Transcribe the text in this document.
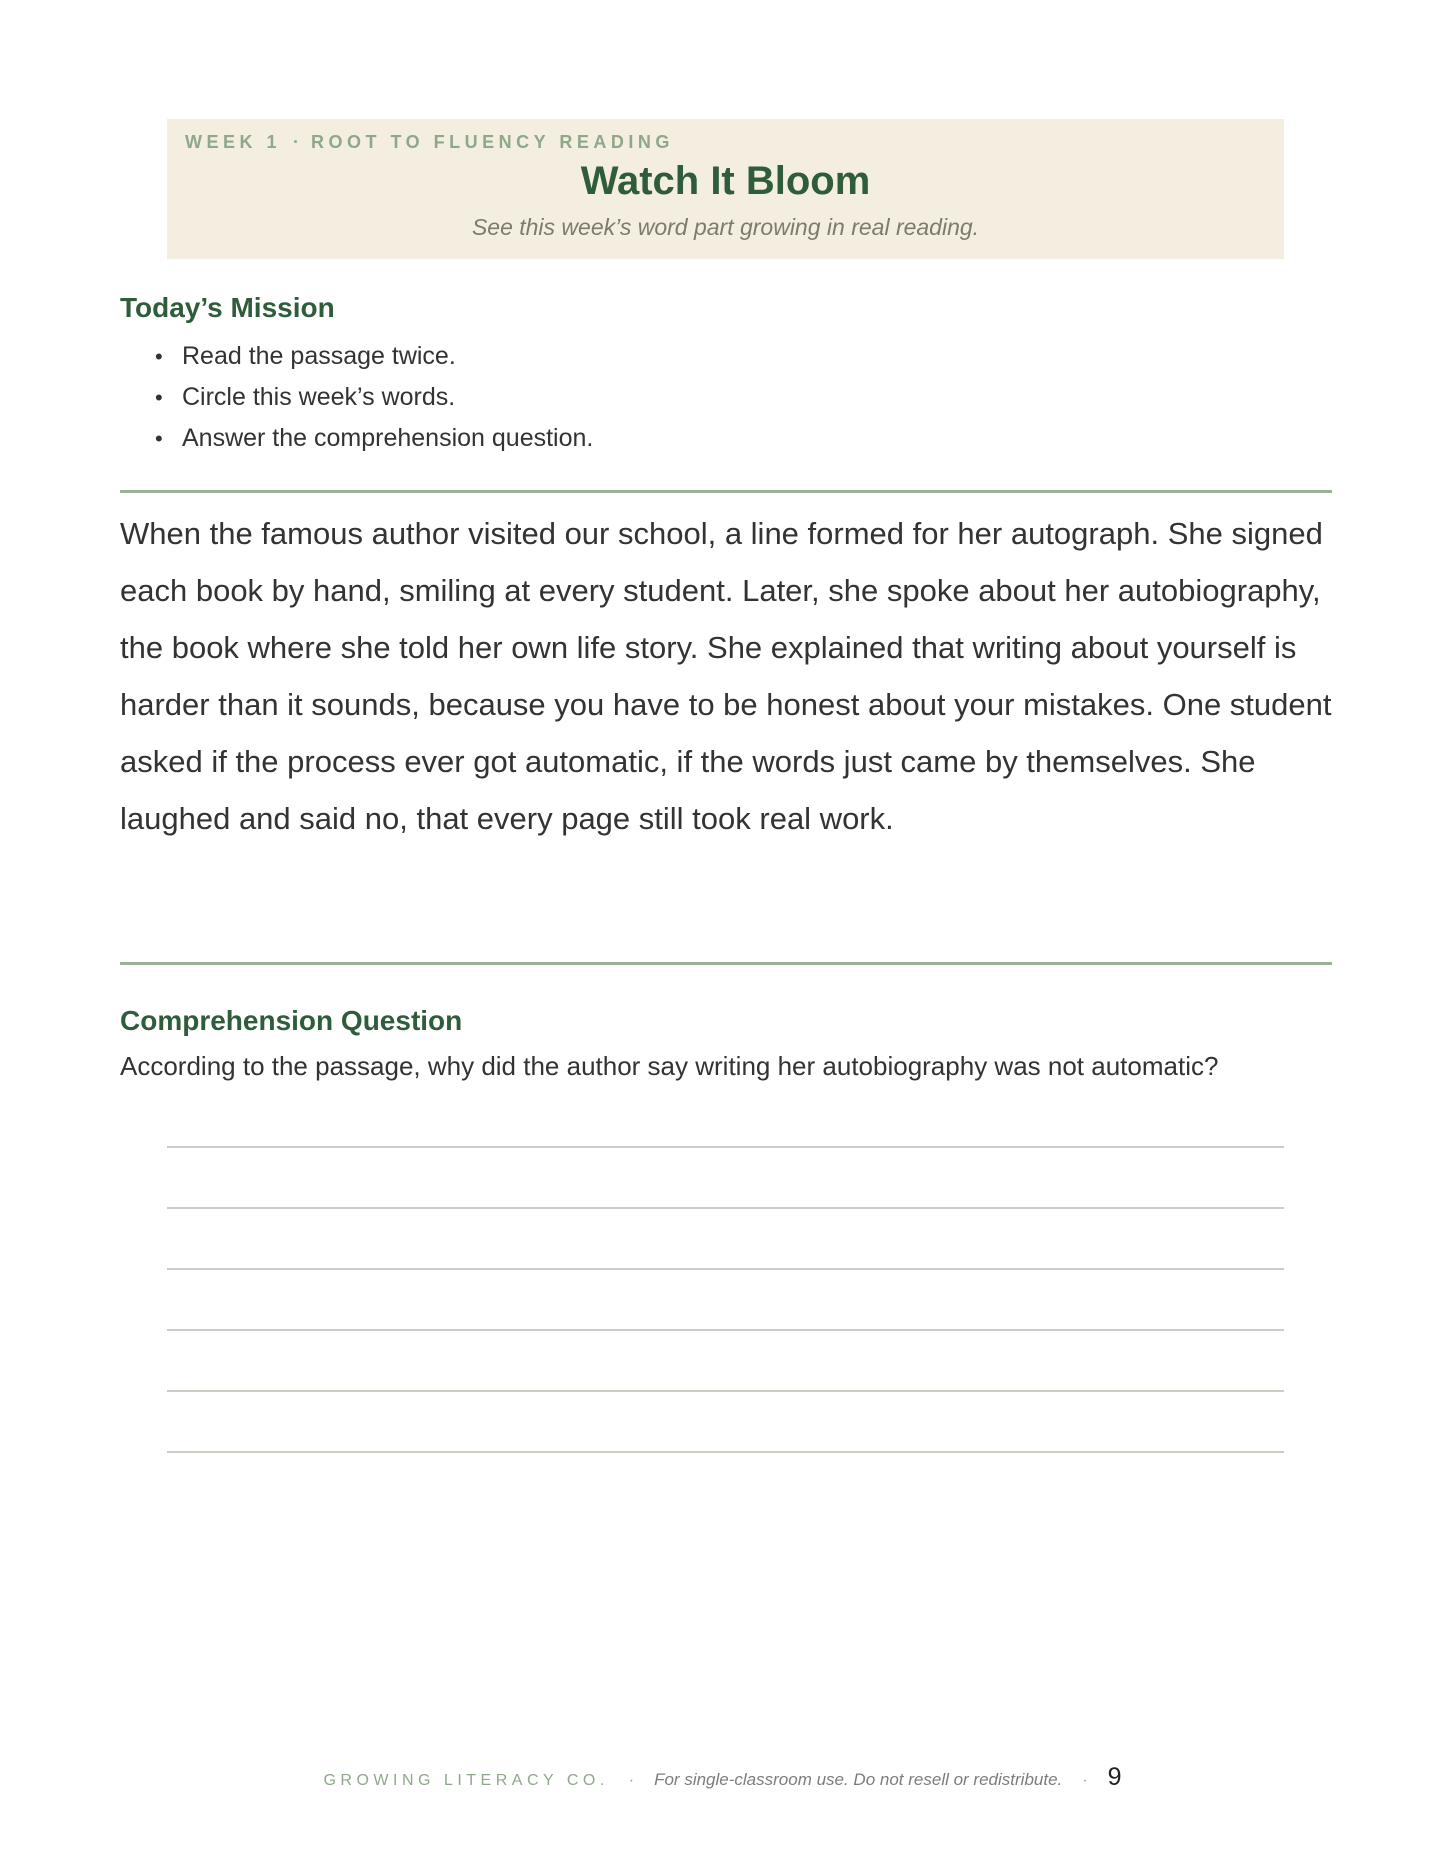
WEEK 1 · ROOT TO FLUENCY READING
Watch It Bloom
See this week’s word part growing in real reading.
Today’s Mission
• Read the passage twice.
• Circle this week’s words.
• Answer the comprehension question.

When the famous author visited our school, a line formed for her autograph. She signed each book by hand, smiling at every student. Later, she spoke about her autobiography, the book where she told her own life story. She explained that writing about yourself is harder than it sounds, because you have to be honest about your mistakes. One student asked if the process ever got automatic, if the words just came by themselves. She laughed and said no, that every page still took real work.

Comprehension Question
According to the passage, why did the author say writing her autobiography was not automatic?
GROWING LITERACY CO. · For single-classroom use. Do not resell or redistribute. · 9
